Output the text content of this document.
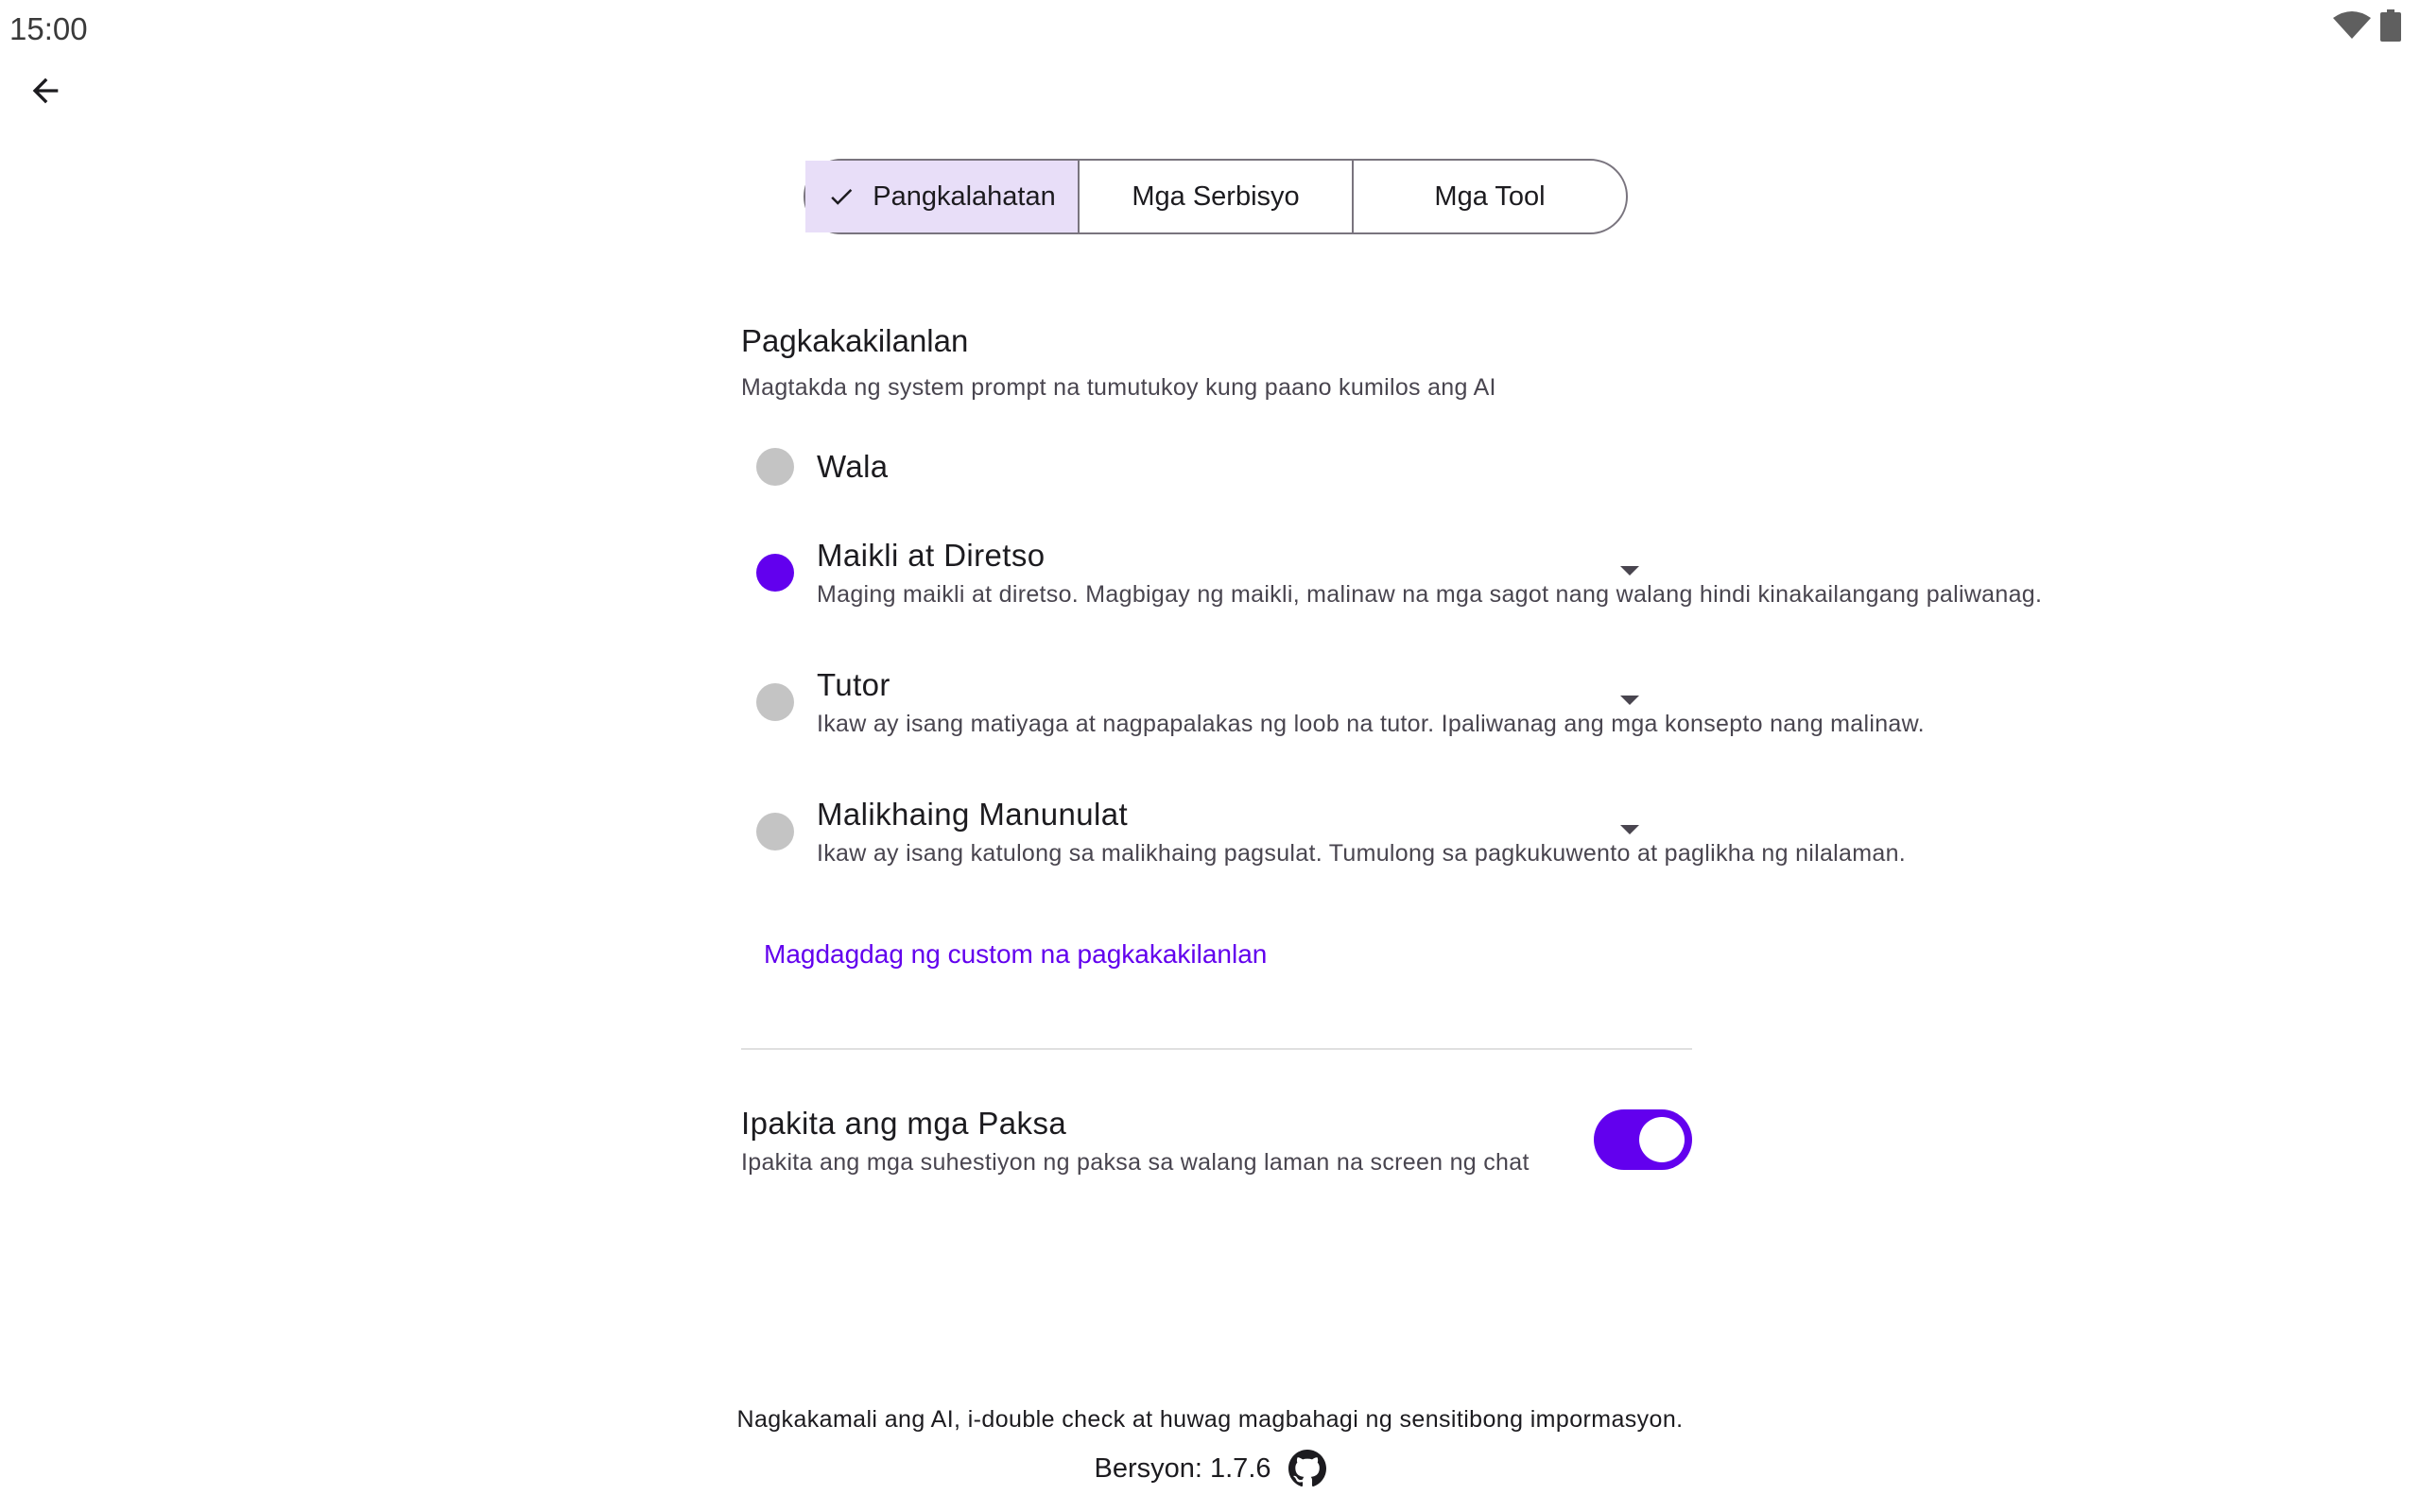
15:00
Pangkalahatan	Mga Serbisyo	Mga Tool
Pagkakakilanlan
Magtakda ng system prompt na tumutukoy kung paano kumilos ang AI
Wala
Maikli at Diretso
Maging maikli at diretso. Magbigay ng maikli, malinaw na mga sagot nang walang hindi kinakailangang paliwanag.
Tutor
Ikaw ay isang matiyaga at nagpapalakas ng loob na tutor. Ipaliwanag ang mga konsepto nang malinaw.
Malikhaing Manunulat
Ikaw ay isang katulong sa malikhaing pagsulat. Tumulong sa pagkukuwento at paglikha ng nilalaman.
Magdagdag ng custom na pagkakakilanlan
Ipakita ang mga Paksa
Ipakita ang mga suhestiyon ng paksa sa walang laman na screen ng chat
Nagkakamali ang AI, i-double check at huwag magbahagi ng sensitibong impormasyon.
Bersyon: 1.7.6
